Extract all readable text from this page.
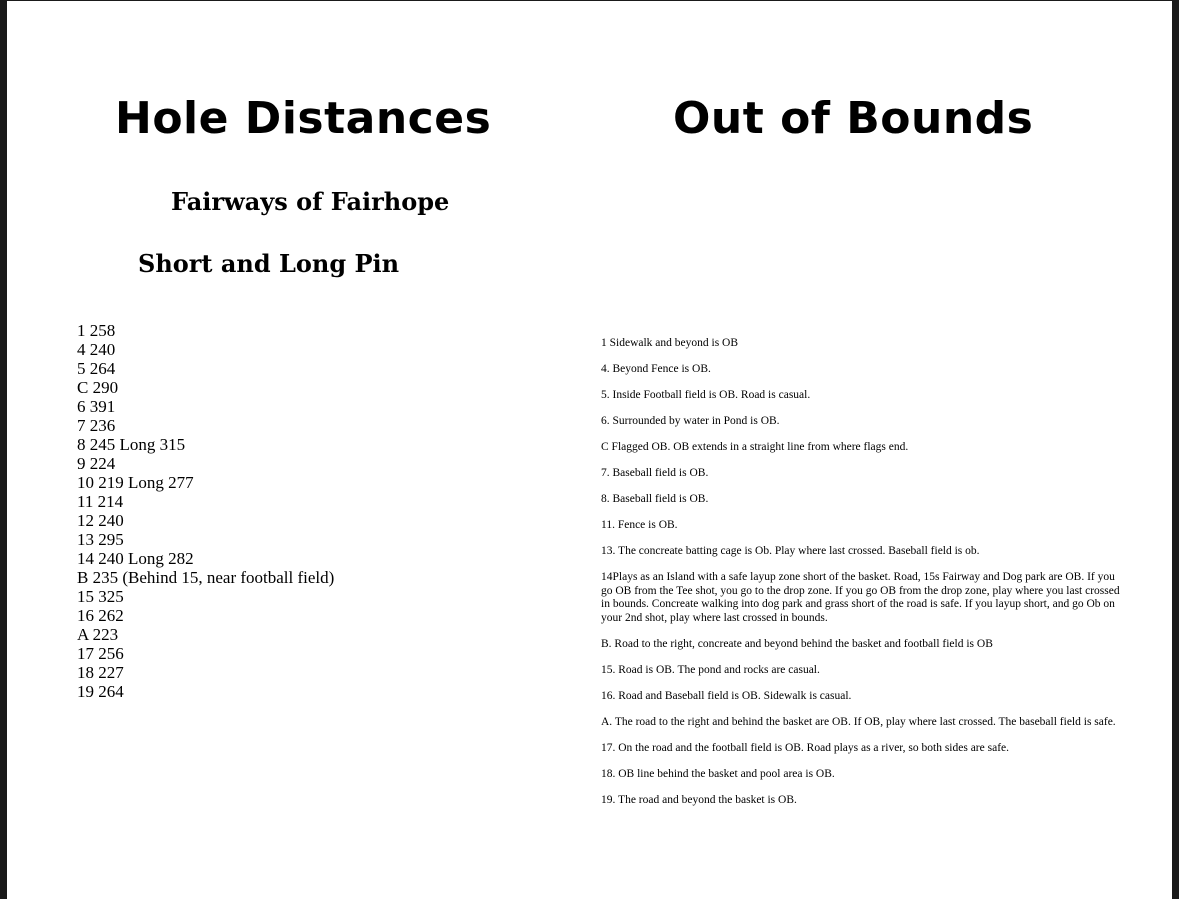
Hole Distances	Out of Bounds
Fairways of Fairhope
Short and Long Pin
1 258
4 240
5 264
C 290
6 391
7 236
8 245 Long 315
9 224
10 219 Long 277
11 214
12 240
13 295
14 240 Long 282
B 235 (Behind 15, near football field)
15 325
16 262
A 223
17 256
18 227
19 264
1 Sidewalk and beyond is OB
4. Beyond Fence is OB.
5. Inside Football field is OB. Road is casual.
6. Surrounded by water in Pond is OB.
C Flagged OB. OB extends in a straight line from where flags end.
7. Baseball field is OB.
8. Baseball field is OB.
11. Fence is OB.
13. The concreate batting cage is Ob. Play where last crossed. Baseball field is ob.
14Plays as an Island with a safe layup zone short of the basket. Road, 15s Fairway and Dog park are OB. If you go OB from the Tee shot, you go to the drop zone. If you go OB from the drop zone, play where you last crossed in bounds. Concreate walking into dog park and grass short of the road is safe. If you layup short, and go Ob on your 2nd shot, play where last crossed in bounds.
B. Road to the right, concreate and beyond behind the basket and football field is OB
15. Road is OB. The pond and rocks are casual.
16. Road and Baseball field is OB. Sidewalk is casual.
A. The road to the right and behind the basket are OB. If OB, play where last crossed. The baseball field is safe.
17. On the road and the football field is OB. Road plays as a river, so both sides are safe.
18. OB line behind the basket and pool area is OB.
19. The road and beyond the basket is OB.
